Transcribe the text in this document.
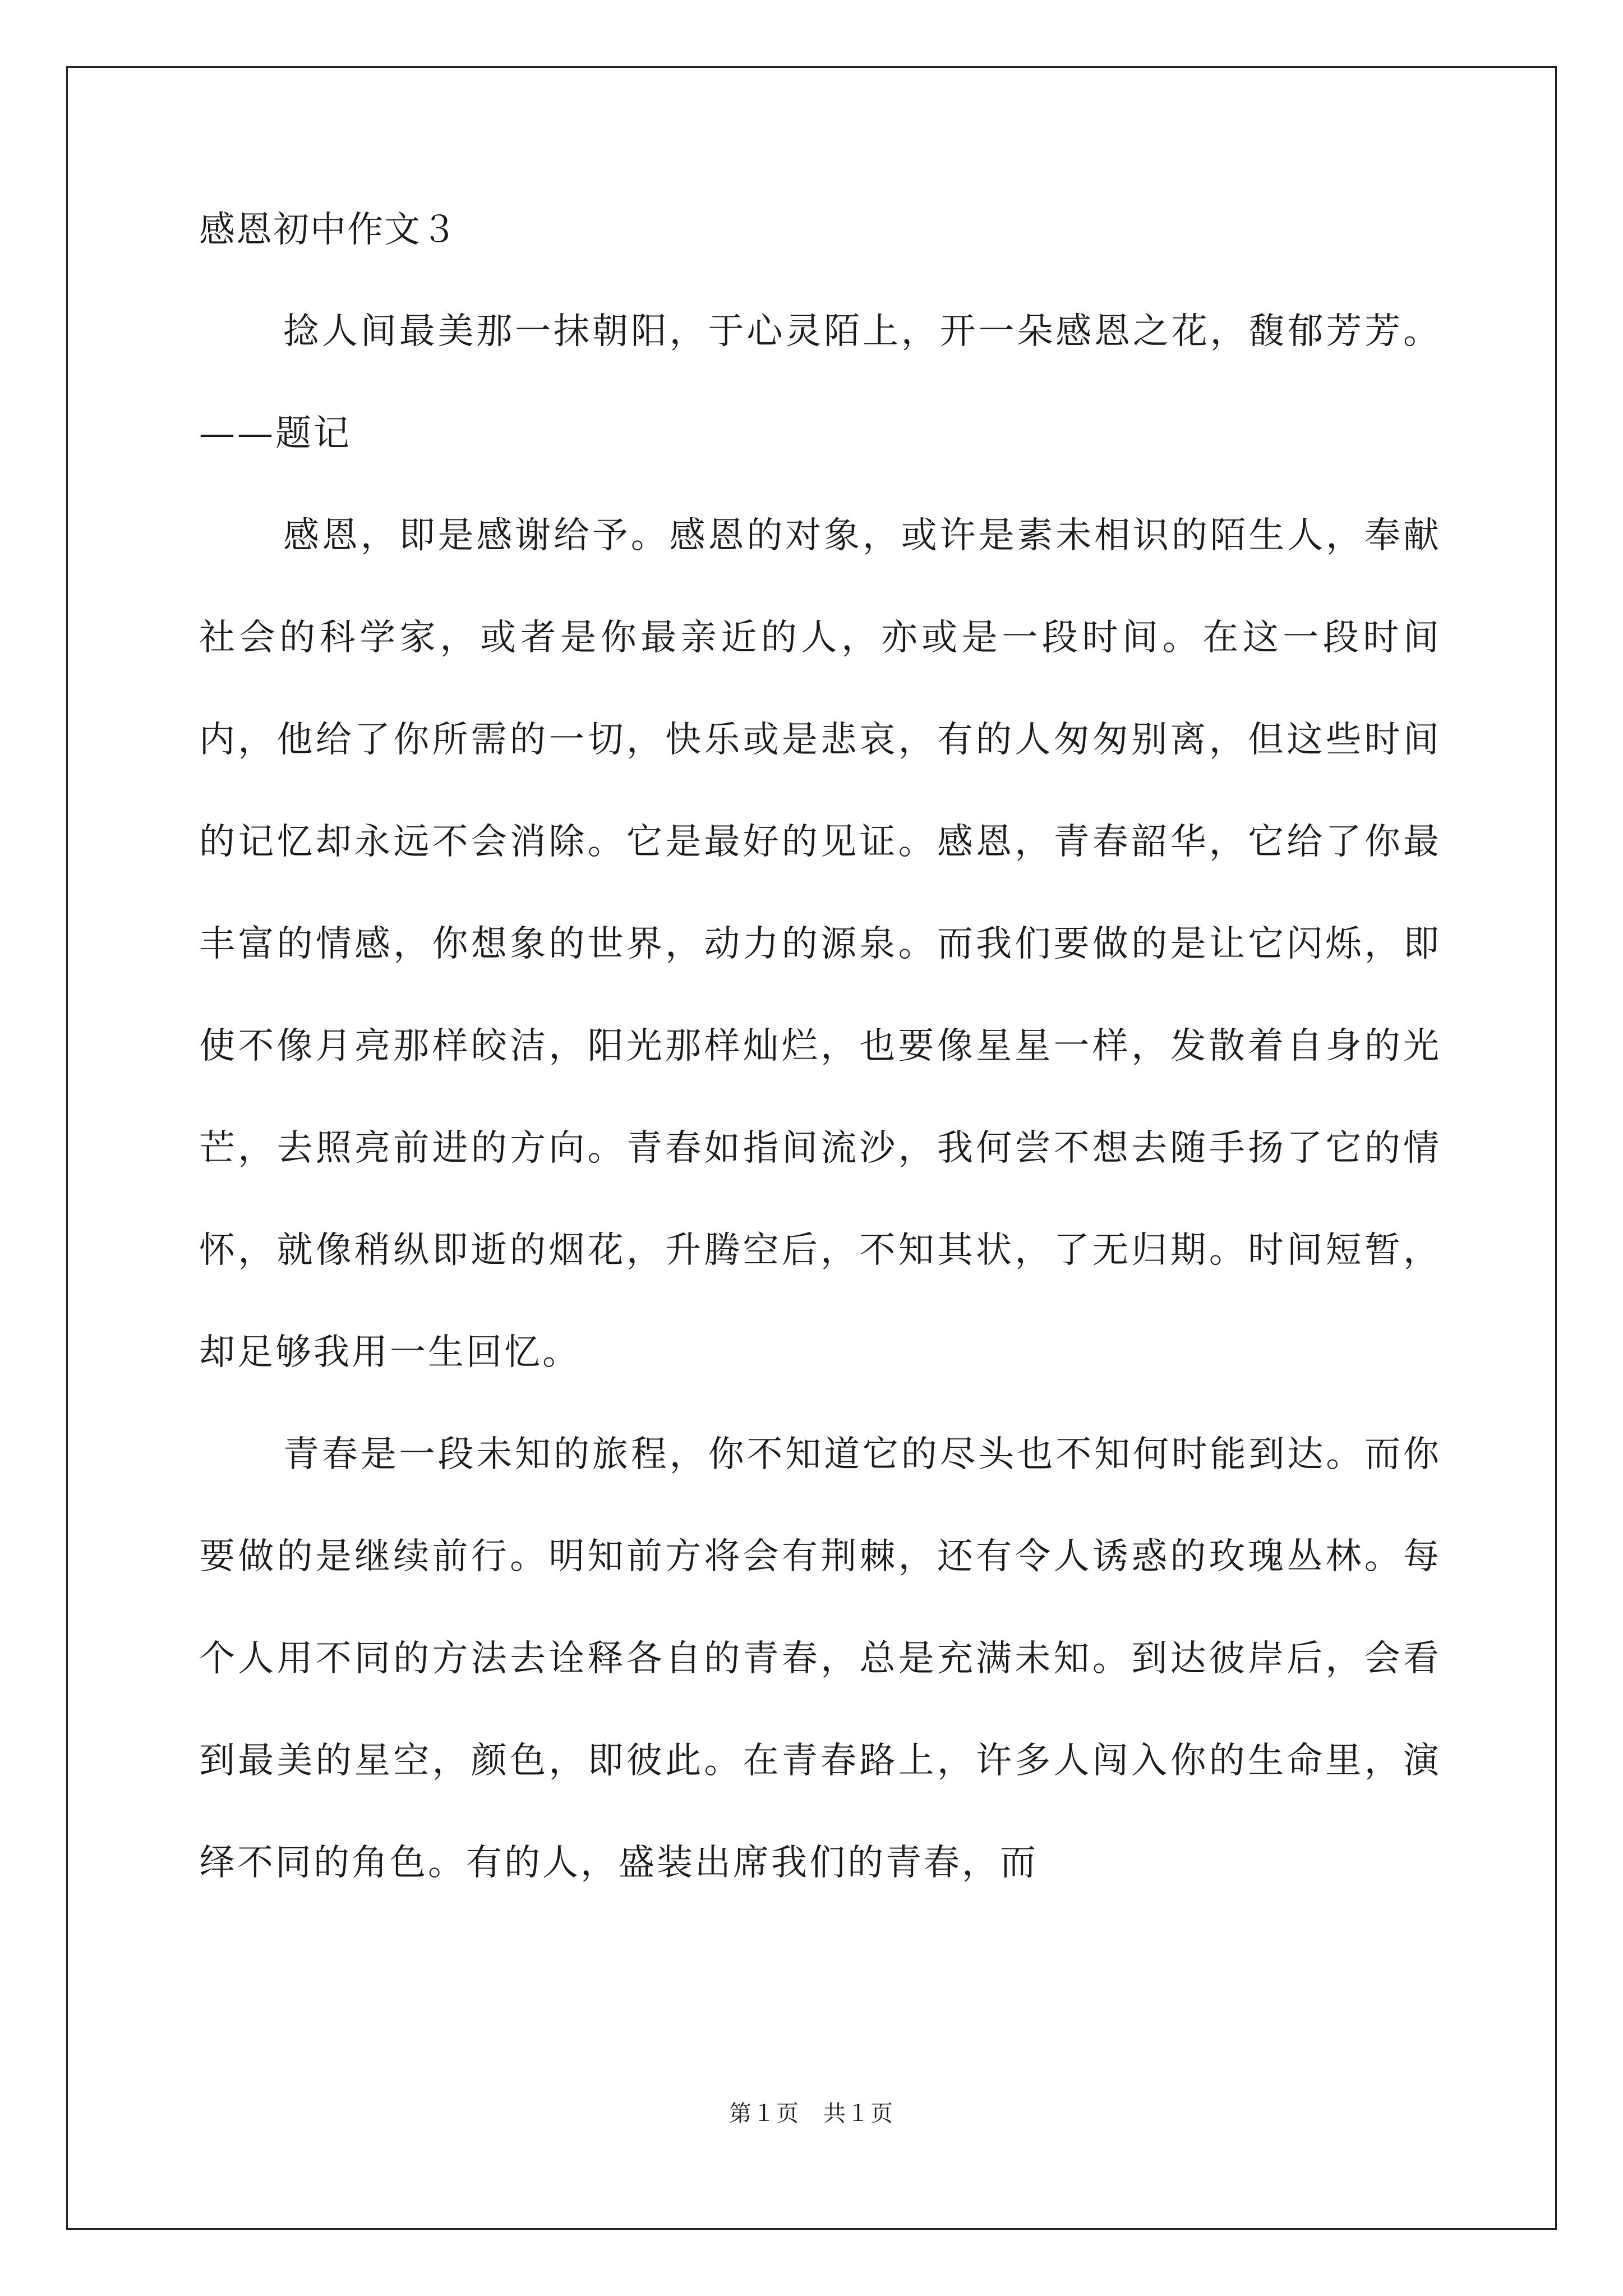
感恩初中作文３

捻人间最美那一抹朝阳，于心灵陌上，开一朵感恩之花，馥郁芳芳。——题记

感恩，即是感谢给予。感恩的对象，或许是素未相识的陌生人，奉献社会的科学家，或者是你最亲近的人，亦或是一段时间。在这一段时间内，他给了你所需的一切，快乐或是悲哀，有的人匆匆别离，但这些时间的记忆却永远不会消除。它是最好的见证。感恩，青春韶华，它给了你最丰富的情感，你想象的世界，动力的源泉。而我们要做的是让它闪烁，即使不像月亮那样皎洁，阳光那样灿烂，也要像星星一样，发散着自身的光芒，去照亮前进的方向。青春如指间流沙，我何尝不想去随手扬了它的情怀，就像稍纵即逝的烟花，升腾空后，不知其状，了无归期。时间短暂，却足够我用一生回忆。

青春是一段未知的旅程，你不知道它的尽头也不知何时能到达。而你要做的是继续前行。明知前方将会有荆棘，还有令人诱惑的玫瑰丛林。每个人用不同的方法去诠释各自的青春，总是充满未知。到达彼岸后，会看到最美的星空，颜色，即彼此。在青春路上，许多人闯入你的生命里，演绎不同的角色。有的人，盛装出席我们的青春，而

第１页　共１页
